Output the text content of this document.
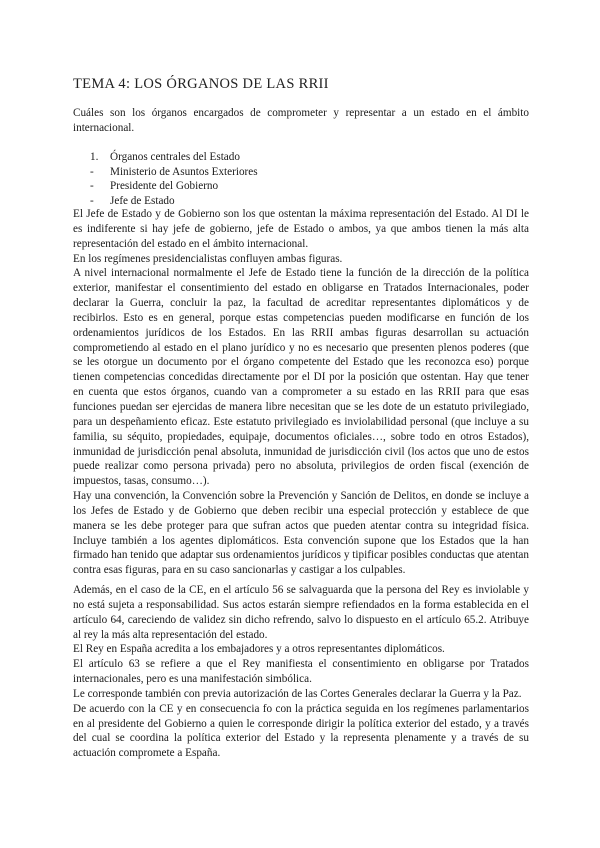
TEMA 4: LOS ÓRGANOS DE LAS RRII

Cuáles son los órganos encargados de comprometer y representar a un estado en el ámbito internacional.

1.	Órganos centrales del Estado
-	Ministerio de Asuntos Exteriores
-	Presidente del Gobierno
-	Jefe de Estado

El Jefe de Estado y de Gobierno son los que ostentan la máxima representación del Estado. Al DI le es indiferente si hay jefe de gobierno, jefe de Estado o ambos, ya que ambos tienen la más alta representación del estado en el ámbito internacional.

En los regímenes presidencialistas confluyen ambas figuras.

A nivel internacional normalmente el Jefe de Estado tiene la función de la dirección de la política exterior, manifestar el consentimiento del estado en obligarse en Tratados Internacionales, poder declarar la Guerra, concluir la paz, la facultad de acreditar representantes diplomáticos y de recibirlos. Esto es en general, porque estas competencias pueden modificarse en función de los ordenamientos jurídicos de los Estados. En las RRII ambas figuras desarrollan su actuación comprometiendo al estado en el plano jurídico y no es necesario que presenten plenos poderes (que se les otorgue un documento por el órgano competente del Estado que les reconozca eso) porque tienen competencias concedidas directamente por el DI por la posición que ostentan. Hay que tener en cuenta que estos órganos, cuando van a comprometer a su estado en las RRII para que esas funciones puedan ser ejercidas de manera libre necesitan que se les dote de un estatuto privilegiado, para un despeñamiento eficaz. Este estatuto privilegiado es inviolabilidad personal (que incluye a su familia, su séquito, propiedades, equipaje, documentos oficiales…, sobre todo en otros Estados), inmunidad de jurisdicción penal absoluta, inmunidad de jurisdicción civil (los actos que uno de estos puede realizar como persona privada) pero no absoluta, privilegios de orden fiscal (exención de impuestos, tasas, consumo…).

Hay una convención, la Convención sobre la Prevención y Sanción de Delitos, en donde se incluye a los Jefes de Estado y de Gobierno que deben recibir una especial protección y establece de que manera se les debe proteger para que sufran actos que pueden atentar contra su integridad física. Incluye también a los agentes diplomáticos. Esta convención supone que los Estados que la han firmado han tenido que adaptar sus ordenamientos jurídicos y tipificar posibles conductas que atentan contra esas figuras, para en su caso sancionarlas y castigar a los culpables.

Además, en el caso de la CE, en el artículo 56 se salvaguarda que la persona del Rey es inviolable y no está sujeta a responsabilidad. Sus actos estarán siempre refiendados en la forma establecida en el artículo 64, careciendo de validez sin dicho refrendo, salvo lo dispuesto en el artículo 65.2. Atribuye al rey la más alta representación del estado.

El Rey en España acredita a los embajadores y a otros representantes diplomáticos.

El artículo 63 se refiere a que el Rey manifiesta el consentimiento en obligarse por Tratados internacionales, pero es una manifestación simbólica.

Le corresponde también con previa autorización de las Cortes Generales declarar la Guerra y la Paz.

De acuerdo con la CE y en consecuencia fo con la práctica seguida en los regímenes parlamentarios en al presidente del Gobierno a quien le corresponde dirigir la política exterior del estado, y a través del cual se coordina la política exterior del Estado y la representa plenamente y a través de su actuación compromete a España.
